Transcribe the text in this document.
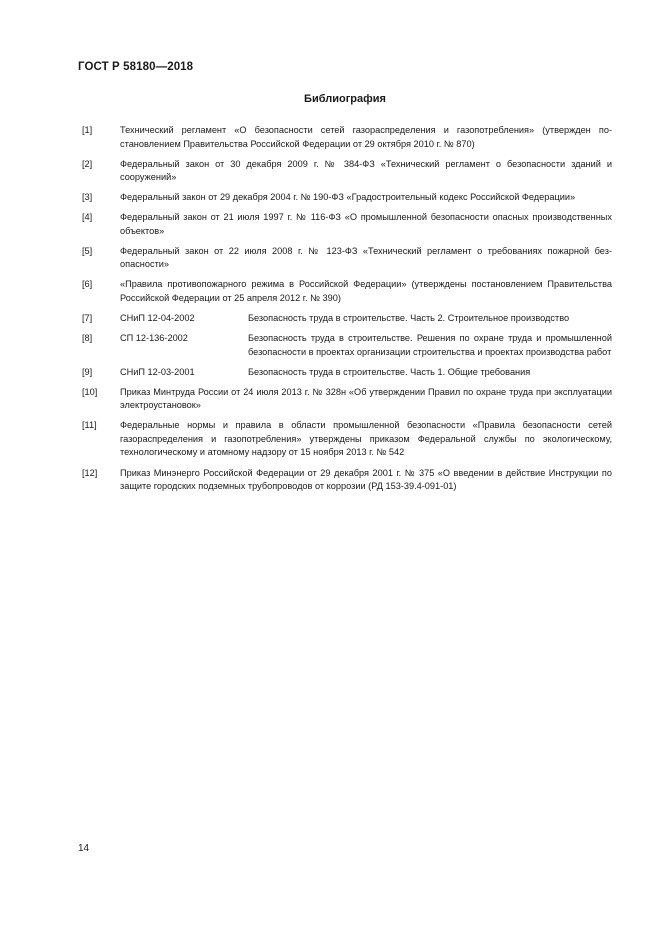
ГОСТ Р 58180—2018
Библиография
[1]	Технический регламент «О безопасности сетей газораспределения и газопотребления» (утвержден постановлением Правительства Российской Федерации от 29 октября 2010 г. № 870)
[2]	Федеральный закон от 30 декабря 2009 г. № 384-ФЗ «Технический регламент о безопасности зданий и сооружений»
[3]	Федеральный закон от 29 декабря 2004 г. № 190-ФЗ «Градостроительный кодекс Российской Федерации»
[4]	Федеральный закон от 21 июля 1997 г. № 116-ФЗ «О промышленной безопасности опасных производственных объектов»
[5]	Федеральный закон от 22 июля 2008 г. № 123-ФЗ «Технический регламент о требованиях пожарной безопасности»
[6]	«Правила противопожарного режима в Российской Федерации» (утверждены постановлением Правительства Российской Федерации от 25 апреля 2012 г. № 390)
[7]	СНиП 12-04-2002	Безопасность труда в строительстве. Часть 2. Строительное производство
[8]	СП 12-136-2002	Безопасность труда в строительстве. Решения по охране труда и промышленной безопасности в проектах организации строительства и проектах производства работ
[9]	СНиП 12-03-2001	Безопасность труда в строительстве. Часть 1. Общие требования
[10]	Приказ Минтруда России от 24 июля 2013 г. № 328н «Об утверждении Правил по охране труда при эксплуатации электроустановок»
[11]	Федеральные нормы и правила в области промышленной безопасности «Правила безопасности сетей газораспределения и газопотребления» утверждены приказом Федеральной службы по экологическому, технологическому и атомному надзору от 15 ноября 2013 г. № 542
[12]	Приказ Минэнерго Российской Федерации от 29 декабря 2001 г. № 375 «О введении в действие Инструкции по защите городских подземных трубопроводов от коррозии (РД 153-39.4-091-01)
14
